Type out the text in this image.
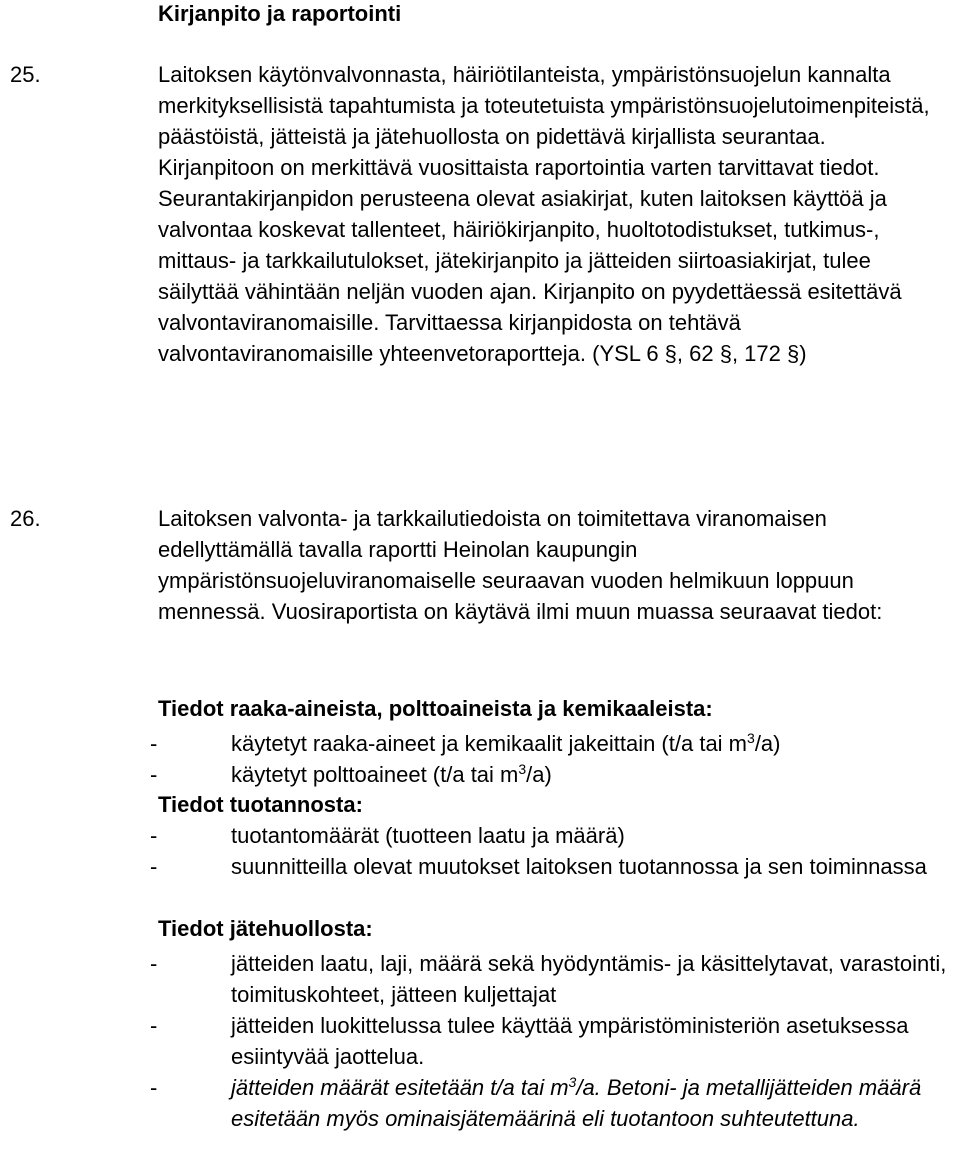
Kirjanpito ja raportointi
25.	Laitoksen käytönvalvonnasta, häiriötilanteista, ympäristönsuojelun kannalta merkityksellisistä tapahtumista ja toteutetuista ympäristönsuojelutoimenpiteistä, päästöistä, jätteistä ja jätehuollosta on pidettävä kirjallista seurantaa. Kirjanpitoon on merkittävä vuosittaista raportointia varten tarvittavat tiedot. Seurantakirjanpidon perusteena olevat asiakirjat, kuten laitoksen käyttöä ja valvontaa koskevat tallenteet, häiriökirjanpito, huoltotodistukset, tutkimus-, mittaus- ja tarkkailutulokset, jätekirjanpito ja jätteiden siirtoasiakirjat, tulee säilyttää vähintään neljän vuoden ajan. Kirjanpito on pyydettäessä esitettävä valvontaviranomaisille. Tarvittaessa kirjanpidosta on tehtävä valvontaviranomaisille yhteenvetoraportteja. (YSL 6 §, 62 §, 172 §)

26.	Laitoksen valvonta- ja tarkkailutiedoista on toimitettava viranomaisen edellyttämällä tavalla raportti Heinolan kaupungin ympäristönsuojeluviranomaiselle seuraavan vuoden helmikuun loppuun mennessä. Vuosiraportista on käytävä ilmi muun muassa seuraavat tiedot:

Tiedot raaka-aineista, polttoaineista ja kemikaaleista:
-	käytetyt raaka-aineet ja kemikaalit jakeittain (t/a tai $m^3/a$)
-	käytetyt polttoaineet (t/a tai $m^3/a$)
Tiedot tuotannosta:
-	tuotantomäärät (tuotteen laatu ja määrä)
-	suunnitteilla olevat muutokset laitoksen tuotannossa ja sen toiminnassa
Tiedot jätehuollosta:
-	jätteiden laatu, laji, määrä sekä hyödyntämis- ja käsittelytavat, varastointi, toimituskohteet, jätteen kuljettajat
-	jätteiden luokittelussa tulee käyttää ympäristöministeriön asetuksessa esiintyvää jaottelua.
-	jätteiden määrät esitetään t/a tai $m^3/a$. Betoni- ja metallijätteiden määrä esitetään myös ominaisjätemäärinä eli tuotantoon suhteutettuna.
